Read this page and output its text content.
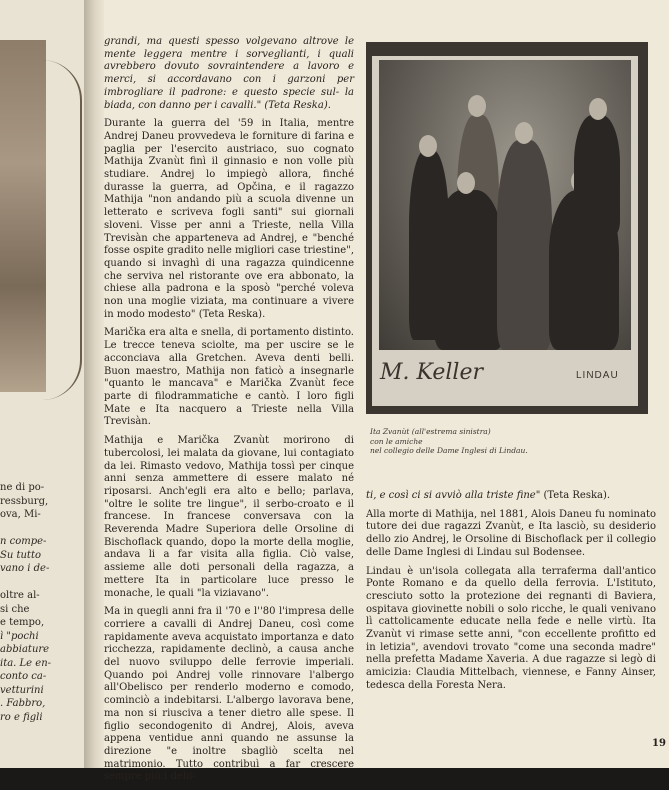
ne di po-
ressburg,
ova, Mi-
n compe-
Su tutto
vano i de-
oltre al-
si che
e tempo,
ì "pochi
abbiature
ita. Le en-
conto ca-
vetturini
. Fabbro,
ro e figli

grandi, ma questi spesso volgevano altrove le mente leggera mentre i sorveglianti, i quali avrebbero dovuto sovraintendere a lavoro e merci, si accordavano con i garzoni per imbrogliare il padrone: e questo specie sul- la biada, con danno per i cavalli." (Teta Reska).

Durante la guerra del '59 in Italia, mentre Andrej Daneu provvedeva le forniture di farina e paglia per l'esercito austriaco, suo cognato Mathija Zvanùt finì il ginnasio e non volle più studiare. Andrej lo impiegò allora, finché durasse la guerra, ad Opčina, e il ragazzo Mathija "non andando più a scuola divenne un letterato e scriveva fogli santi" sui giornali sloveni. Visse per anni a Trieste, nella Villa Trevisàn che apparteneva ad Andrej, e "benché fosse ospite gradito nelle migliori case triestine", quando si invaghì di una ragazza quindicenne che serviva nel ristorante ove era abbonato, la chiese alla padrona e la sposò "perché voleva non una moglie viziata, ma continuare a vivere in modo modesto" (Teta Reska).

Marička era alta e snella, di portamento distinto. Le trecce teneva sciolte, ma per uscire se le acconciava alla Gretchen. Aveva denti belli. Buon maestro, Mathija non faticò a insegnarle "quanto le mancava" e Marička Zvanùt fece parte di filodrammatiche e cantò. I loro figli Mate e Ita nacquero a Trieste nella Villa Trevisàn.

Mathija e Marička Zvanùt morirono di tubercolosi, lei malata da giovane, lui contagiato da lei. Rimasto vedovo, Mathija tossì per cinque anni senza ammettere di essere malato né riposarsi. Anch'egli era alto e bello; parlava, "oltre le solite tre lingue", il serbo-croato e il francese. In francese conversava con la Reverenda Madre Superiora delle Orsoline di Bischoflack quando, dopo la morte della moglie, andava li a far visita alla figlia. Ciò valse, assieme alle doti personali della ragazza, a mettere Ita in particolare luce presso le monache, le quali "la viziavano".

Ma in quegli anni fra il '70 e l''80 l'impresa delle corriere a cavalli di Andrej Daneu, così come rapidamente aveva acquistato importanza e dato ricchezza, rapidamente declinò, a causa anche del nuovo sviluppo delle ferrovie imperiali. Quando poi Andrej volle rinnovare l'albergo all'Obelisco per renderlo moderno e comodo, cominciò a indebitarsi. L'albergo lavorava bene, ma non si riusciva a tener dietro alle spese. Il figlio secondogenito di Andrej, Alois, aveva appena ventidue anni quando ne assunse la direzione "e inoltre sbagliò scelta nel matrimonio. Tutto contribuì a far crescere sempre più i debi-

M. Keller	LINDAU
Ita Zvanùt (all'estrema sinistra)
con le amiche
nel collegio delle Dame Inglesi di Lindau.

ti, e così ci si avviò alla triste fine" (Teta Reska).

Alla morte di Mathija, nel 1881, Alois Daneu fu nominato tutore dei due ragazzi Zvanùt, e Ita lasciò, su desiderio dello zio Andrej, le Orsoline di Bischoflack per il collegio delle Dame Inglesi di Lindau sul Bodensee.

Lindau è un'isola collegata alla terraferma dall'antico Ponte Romano e da quello della ferrovia. L'Istituto, cresciuto sotto la protezione dei regnanti di Baviera, ospitava giovinette nobili o solo ricche, le quali venivano lì cattolicamente educate nella fede e nelle virtù. Ita Zvanùt vi rimase sette anni, "con eccellente profitto ed in letizia", avendovi trovato "come una seconda madre" nella prefetta Madame Xaveria. A due ragazze si legò di amicizia: Claudia Mittelbach, viennese, e Fanny Ainser, tedesca della Foresta Nera.

19
